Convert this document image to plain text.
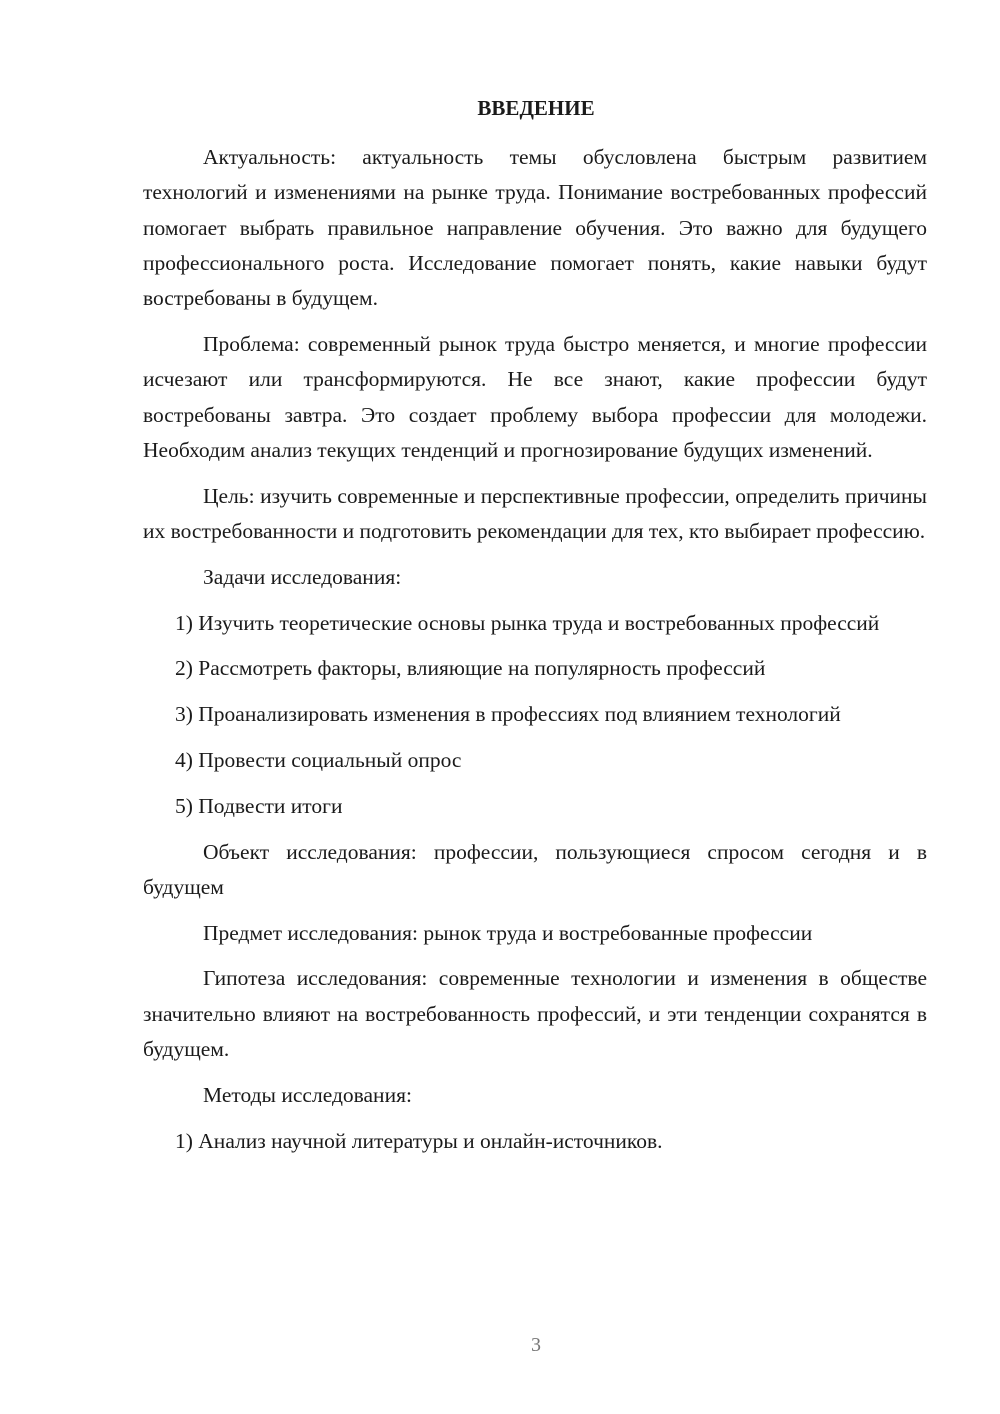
ВВЕДЕНИЕ

Актуальность: актуальность темы обусловлена быстрым развитием технологий и изменениями на рынке труда. Понимание востребованных профессий помогает выбрать правильное направление обучения. Это важно для будущего профессионального роста. Исследование помогает понять, какие навыки будут востребованы в будущем.

Проблема: современный рынок труда быстро меняется, и многие профессии исчезают или трансформируются. Не все знают, какие профессии будут востребованы завтра. Это создает проблему выбора профессии для молодежи. Необходим анализ текущих тенденций и прогнозирование будущих изменений.

Цель: изучить современные и перспективные профессии, определить причины их востребованности и подготовить рекомендации для тех, кто выбирает профессию.

Задачи исследования:

1) Изучить теоретические основы рынка труда и востребованных профессий

2) Рассмотреть факторы, влияющие на популярность профессий

3) Проанализировать изменения в профессиях под влиянием технологий

4) Провести социальный опрос

5) Подвести итоги

Объект исследования: профессии, пользующиеся спросом сегодня и в будущем

Предмет исследования: рынок труда и востребованные профессии

Гипотеза исследования: современные технологии и изменения в обществе значительно влияют на востребованность профессий, и эти тенденции сохранятся в будущем.

Методы исследования:

1) Анализ научной литературы и онлайн-источников.

3
